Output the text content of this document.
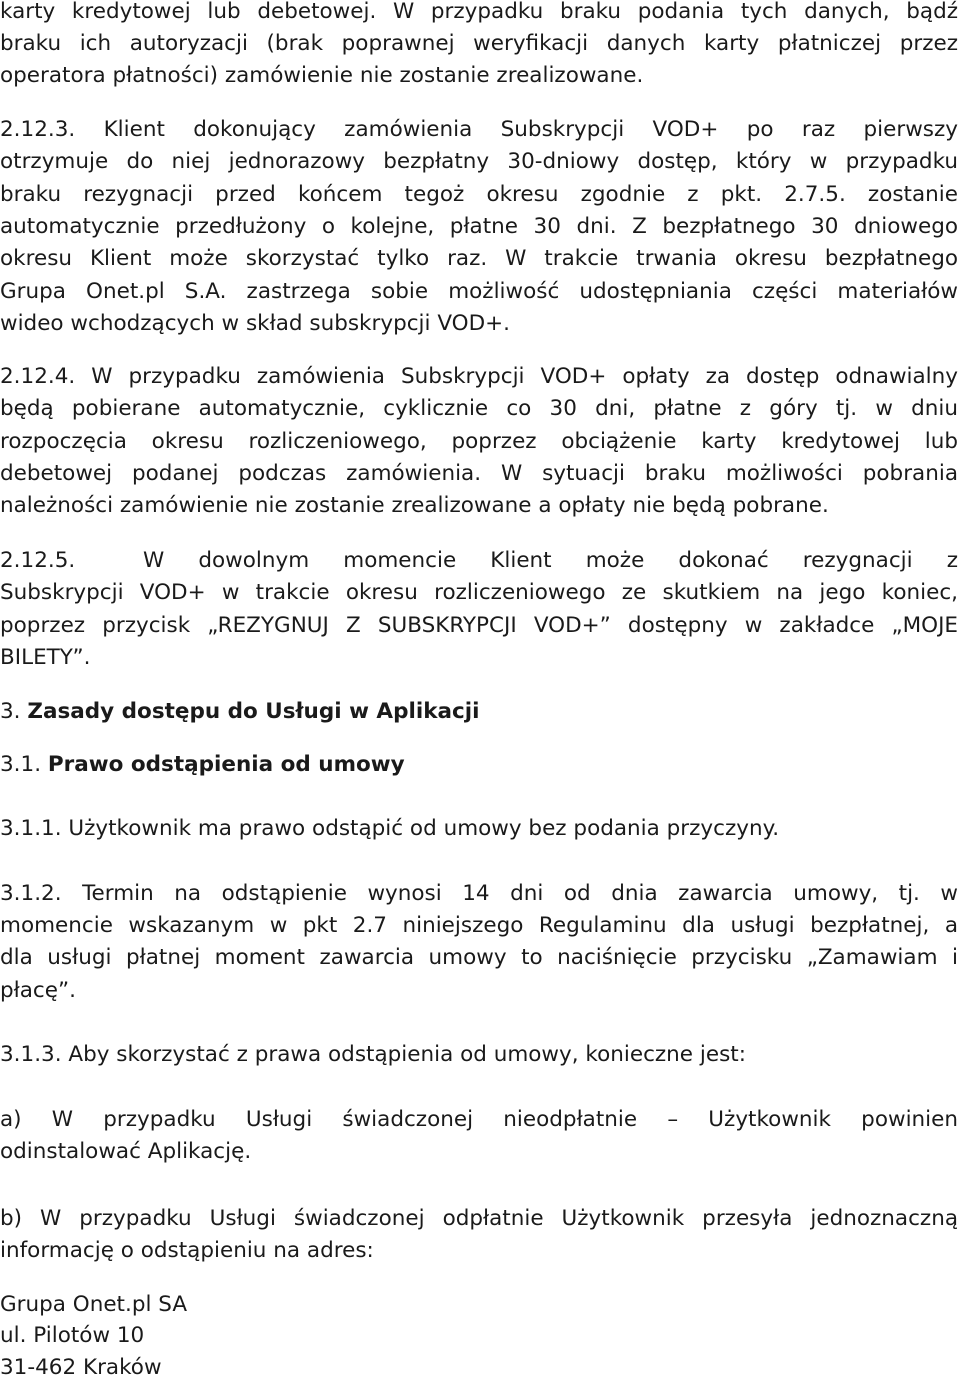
karty kredytowej lub debetowej. W przypadku braku podania tych danych, bądź
braku ich autoryzacji (brak poprawnej weryfikacji danych karty płatniczej przez
operatora płatności) zamówienie nie zostanie zrealizowane.
2.12.3. Klient dokonujący zamówienia Subskrypcji VOD+ po raz pierwszy
otrzymuje do niej jednorazowy bezpłatny 30-dniowy dostęp, który w przypadku
braku rezygnacji przed końcem tegoż okresu zgodnie z pkt. 2.7.5. zostanie
automatycznie przedłużony o kolejne, płatne 30 dni. Z bezpłatnego 30 dniowego
okresu Klient może skorzystać tylko raz. W trakcie trwania okresu bezpłatnego
Grupa Onet.pl S.A. zastrzega sobie możliwość udostępniania części materiałów
wideo wchodzących w skład subskrypcji VOD+.
2.12.4. W przypadku zamówienia Subskrypcji VOD+ opłaty za dostęp odnawialny
będą pobierane automatycznie, cyklicznie co 30 dni, płatne z góry tj. w dniu
rozpoczęcia okresu rozliczeniowego, poprzez obciążenie karty kredytowej lub
debetowej podanej podczas zamówienia. W sytuacji braku możliwości pobrania
należności zamówienie nie zostanie zrealizowane a opłaty nie będą pobrane.
2.12.5.	W dowolnym momencie Klient może dokonać rezygnacji z
Subskrypcji VOD+ w trakcie okresu rozliczeniowego ze skutkiem na jego koniec,
poprzez przycisk „REZYGNUJ Z SUBSKRYPCJI VOD+” dostępny w zakładce „MOJE
BILETY”.
3. Zasady dostępu do Usługi w Aplikacji
3.1. Prawo odstąpienia od umowy
3.1.1. Użytkownik ma prawo odstąpić od umowy bez podania przyczyny.
3.1.2. Termin na odstąpienie wynosi 14 dni od dnia zawarcia umowy, tj. w
momencie wskazanym w pkt 2.7 niniejszego Regulaminu dla usługi bezpłatnej, a
dla usługi płatnej moment zawarcia umowy to naciśnięcie przycisku „Zamawiam i
płacę”.
3.1.3. Aby skorzystać z prawa odstąpienia od umowy, konieczne jest:
a) W przypadku Usługi świadczonej nieodpłatnie – Użytkownik powinien
odinstalować Aplikację.
b) W przypadku Usługi świadczonej odpłatnie Użytkownik przesyła jednoznaczną
informację o odstąpieniu na adres:
Grupa Onet.pl SA
ul. Pilotów 10
31-462 Kraków
